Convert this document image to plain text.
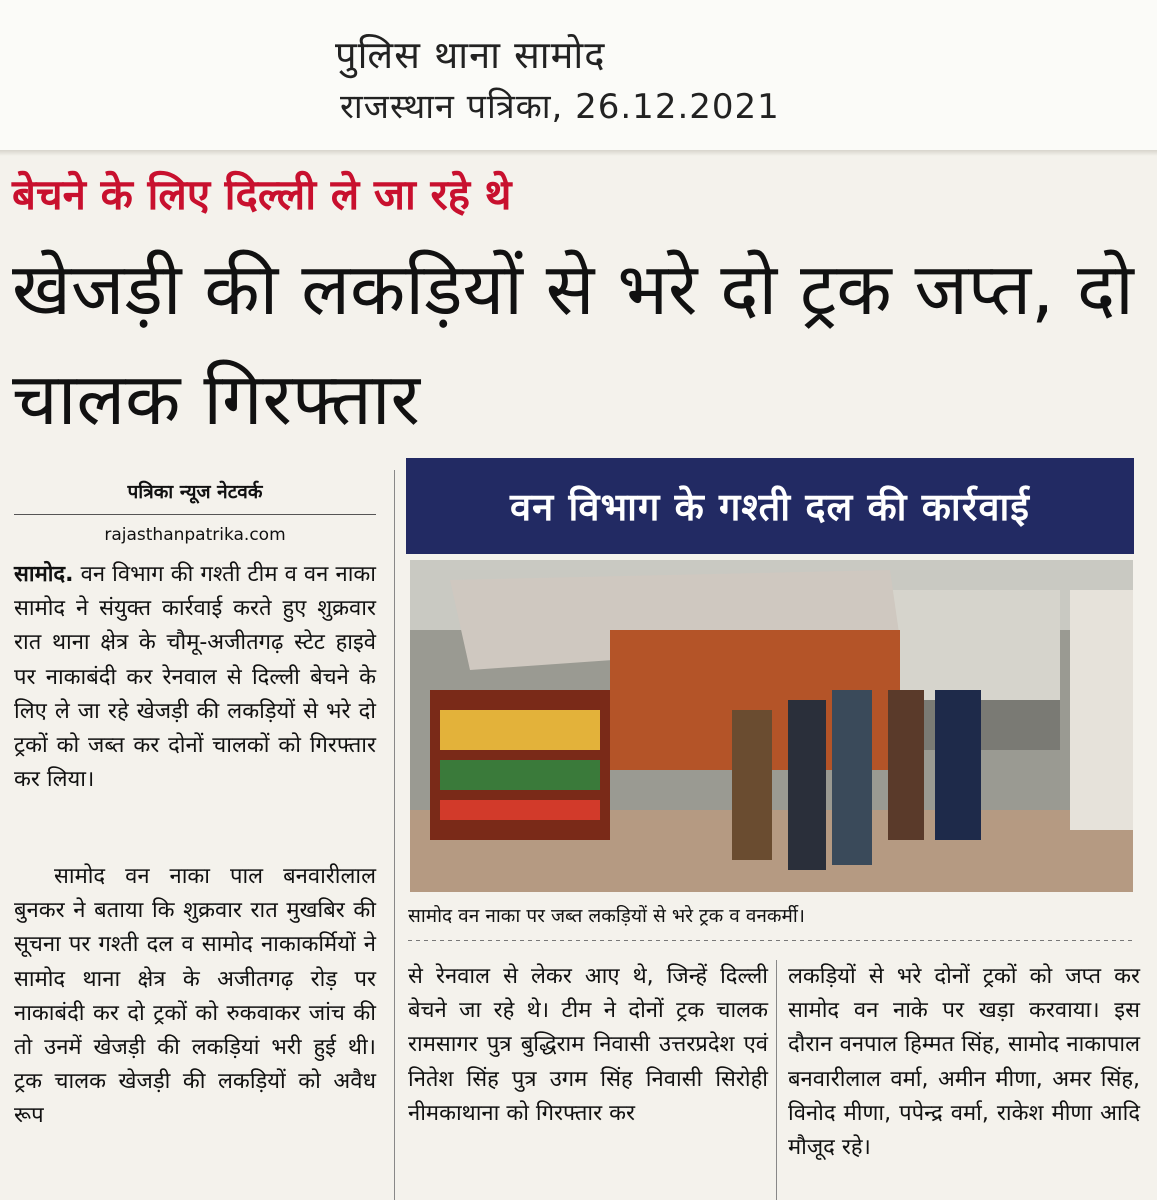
पुलिस थाना सामोद
राजस्थान पत्रिका, 26.12.2021
बेचने के लिए दिल्ली ले जा रहे थे
खेजड़ी की लकड़ियों से भरे दो ट्रक जप्त, दो चालक गिरफ्तार
पत्रिका न्यूज नेटवर्क
rajasthanpatrika.com
सामोद. वन विभाग की गश्ती टीम व वन नाका सामोद ने संयुक्त कार्रवाई करते हुए शुक्रवार रात थाना क्षेत्र के चौमू-अजीतगढ़ स्टेट हाइवे पर नाकाबंदी कर रेनवाल से दिल्ली बेचने के लिए ले जा रहे खेजड़ी की लकड़ियों से भरे दो ट्रकों को जब्त कर दोनों चालकों को गिरफ्तार कर लिया।
सामोद वन नाका पाल बनवारीलाल बुनकर ने बताया कि शुक्रवार रात मुखबिर की सूचना पर गश्ती दल व सामोद नाकाकर्मियों ने सामोद थाना क्षेत्र के अजीतगढ़ रोड़ पर नाकाबंदी कर दो ट्रकों को रुकवाकर जांच की तो उनमें खेजड़ी की लकड़ियां भरी हुई थी। ट्रक चालक खेजड़ी की लकड़ियों को अवैध रूप
वन विभाग के गश्ती दल की कार्रवाई
सामोद वन नाका पर जब्त लकड़ियों से भरे ट्रक व वनकर्मी।
से रेनवाल से लेकर आए थे, जिन्हें दिल्ली बेचने जा रहे थे। टीम ने दोनों ट्रक चालक रामसागर पुत्र बुद्धिराम निवासी उत्तरप्रदेश एवं नितेश सिंह पुत्र उगम सिंह निवासी सिरोही नीमकाथाना को गिरफ्तार कर
लकड़ियों से भरे दोनों ट्रकों को जप्त कर सामोद वन नाके पर खड़ा करवाया। इस दौरान वनपाल हिम्मत सिंह, सामोद नाकापाल बनवारीलाल वर्मा, अमीन मीणा, अमर सिंह, विनोद मीणा, पपेन्द्र वर्मा, राकेश मीणा आदि मौजूद रहे।
